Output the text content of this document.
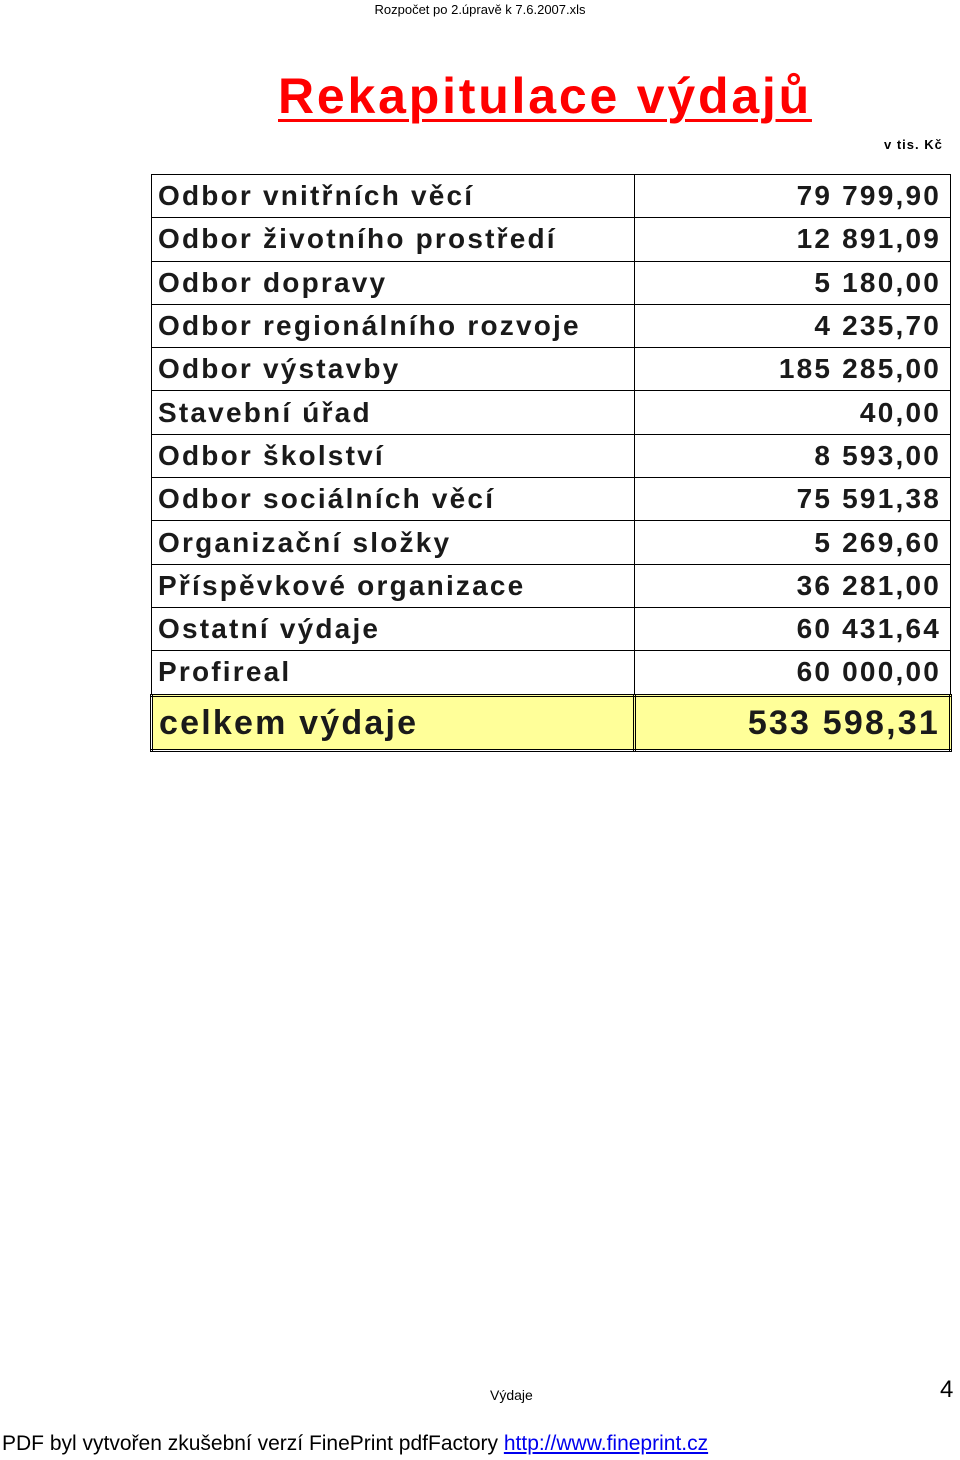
Rozpočet po 2.úpravě k 7.6.2007.xls
Rekapitulace výdajů
v tis. Kč
Odbor vnitřních věcí	79 799,90
Odbor životního prostředí	12 891,09
Odbor dopravy	5 180,00
Odbor regionálního rozvoje	4 235,70
Odbor výstavby	185 285,00
Stavební úřad	40,00
Odbor školství	8 593,00
Odbor sociálních věcí	75 591,38
Organizační složky	5 269,60
Příspěvkové organizace	36 281,00
Ostatní výdaje	60 431,64
Profireal	60 000,00
celkem výdaje	533 598,31
Výdaje	4
PDF byl vytvořen zkušební verzí FinePrint pdfFactory http://www.fineprint.cz
